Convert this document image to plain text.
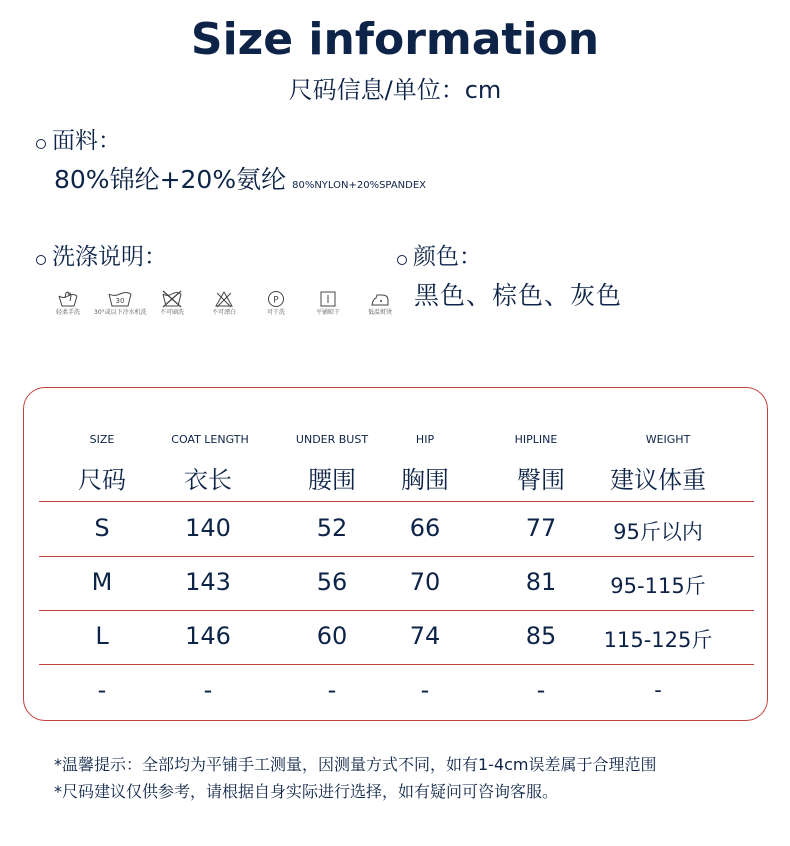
Size information
尺码信息/单位：cm
面料：
80%锦纶+20%氨纶 80%NYLON+20%SPANDEX
洗涤说明：
轻柔手洗
30
30°或以下冷水机洗	不可刷洗	不可漂白
P
可干洗	平铺晾干	低温熨烫
颜色：
黑色、棕色、灰色
SIZE	COAT LENGTH	UNDER BUST	HIP	HIPLINE	WEIGHT
尺码	衣长	腰围	胸围	臀围	建议体重
S	140	52	66	77	95斤以内
M	143	56	70	81	95-115斤
L	146	60	74	85	115-125斤
-	-	-	-	-	-
*温馨提示：全部均为平铺手工测量，因测量方式不同，如有1-4cm误差属于合理范围
*尺码建议仅供参考，请根据自身实际进行选择，如有疑问可咨询客服。
